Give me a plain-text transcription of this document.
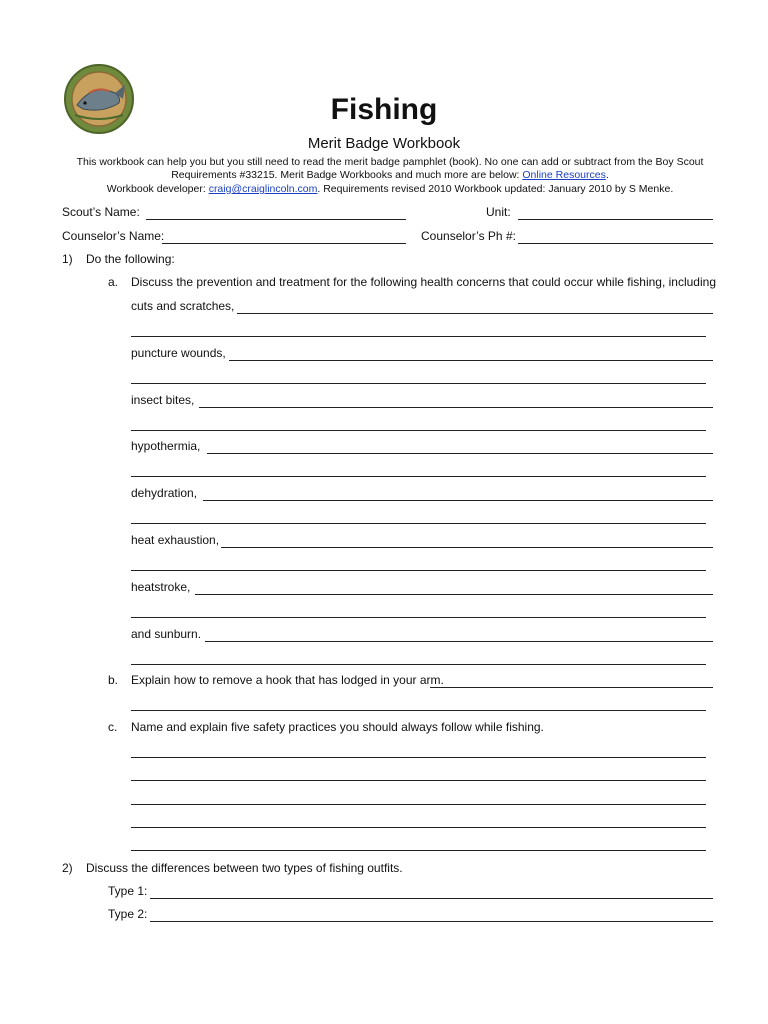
Fishing
Merit Badge Workbook
This workbook can help you but you still need to read the merit badge pamphlet (book). No one can add or subtract from the Boy Scout
Requirements #33215. Merit Badge Workbooks and much more are below: Online Resources.
Workbook developer: craig@craiglincoln.com. Requirements revised 2010 Workbook updated: January 2010 by S Menke.
Scout’s Name:	Unit:
Counselor’s Name:	Counselor’s Ph #:
1) Do the following:
a. Discuss the prevention and treatment for the following health concerns that could occur while fishing, including
cuts and scratches,
puncture wounds,
insect bites,
hypothermia,
dehydration,
heat exhaustion,
heatstroke,
and sunburn.
b. Explain how to remove a hook that has lodged in your arm.
c. Name and explain five safety practices you should always follow while fishing.
2) Discuss the differences between two types of fishing outfits.
Type 1:
Type 2:
